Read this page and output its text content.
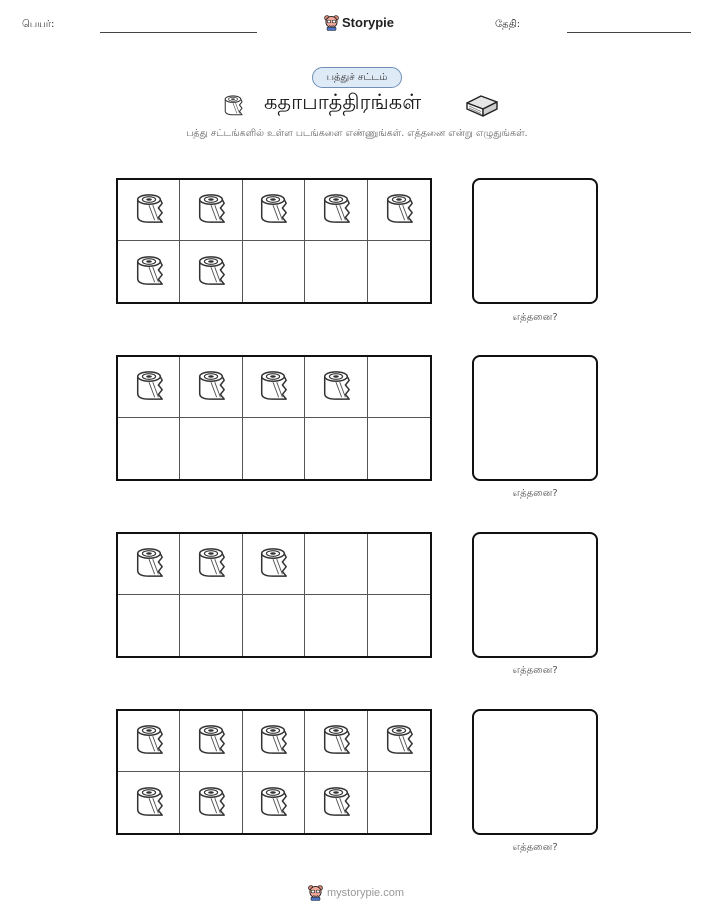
பெயர்:	Storypie	தேதி:
பத்துச் சட்டம்
கதாபாத்திரங்கள்
பத்து சட்டங்களில் உள்ள படங்களை எண்ணுங்கள். எத்தனை என்று எழுதுங்கள்.
எத்தனை?
எத்தனை?
எத்தனை?
எத்தனை?
mystorypie.com
